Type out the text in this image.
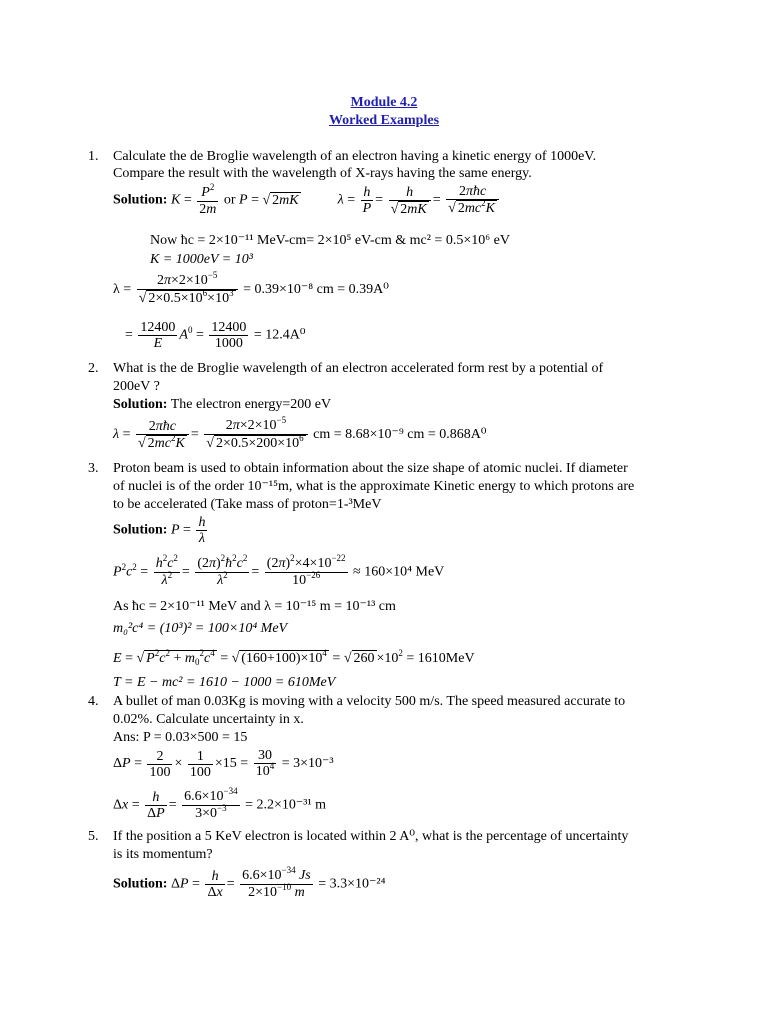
Module 4.2
Worked Examples
1. Calculate the de Broglie wavelength of an electron having a kinetic energy of 1000eV.
Compare the result with the wavelength of X-rays having the same energy.
Solution: $K = \frac{P^2}{2m}$ or P = √ 2mK	$\lambda = \frac{h}{P} = \frac{h}{√ 2mK} = \frac{\text{2πħc}}{√ 2mc^2K}$
Now ħc = 2×10⁻¹¹ MeV-cm= 2×10⁵ eV-cm & mc² = 0.5×10⁶ eV
K = 1000eV = 10³
$\lambda = \frac{2\pi\times 2\times 10^{-5}}{√ 2\times 0.5\times 10^6\times 10^3} = 0.39\times 10^{-8}$ cm = 0.39A⁰
= $\frac{12400}{E} A^0 = \frac{12400}{1000} = 12.4A^0$
2. What is the de Broglie wavelength of an electron accelerated form rest by a potential of
200eV ?
Solution: The electron energy=200 eV
$\lambda = \frac{\text{2πħc}}{√ 2mc^2K} = \frac{2\pi\times 2\times 10^{-5}}{√ 2\times 0.5\times 200\times 10^6}$ cm = 8.68×10⁻⁹ cm = 0.868A⁰
3. Proton beam is used to obtain information about the size shape of atomic nuclei. If diameter
of nuclei is of the order 10⁻¹⁵m, what is the approximate Kinetic energy to which protons are
to be accelerated (Take mass of proton=1-³MeV
Solution: $P = \frac{h}{\lambda}$
$P^2c^2 = \frac{h^2c^2}{\lambda^2} = \frac{(2\pi)^2ħ^2c^2}{\lambda^2} = \frac{(2\pi)^2\times 4\times 10^{-22}}{10^{-26}} \approx 160\times 10^4$ MeV
As ħc = 2×10⁻¹¹ MeV and λ = 10⁻¹⁵ m = 10⁻¹³ cm
m₀²c⁴ = (10³)² = 100×10⁴ MeV
E = √ $P^2c^2 + m_0^2c^4$ = √ $(160+100)\times 10^4$ = √ $260 \times 10^2 = 1610MeV$
T = E − mc² = 1610 − 1000 = 610MeV
4. A bullet of man 0.03Kg is moving with a velocity 500 m/s. The speed measured accurate to
0.02%. Calculate uncertainty in x.
Ans: P = 0.03×500 = 15
$\Delta P = \frac{2}{100} \times \frac{1}{100} \times 15 = \frac{30}{10^4} = 3\times 10^{-3}$
$\Delta x = \frac{h}{\Delta P} = \frac{6.6\times 10^{-34}}{3\times 0^{-3}} = 2.2\times 10^{-31}$ m
5. If the position a 5 KeV electron is located within 2 A⁰, what is the percentage of uncertainty
is its momentum?
Solution: $\Delta P = \frac{h}{\Delta x} = \frac{6.6\times 10^{-34} Js}{2\times 10^{-10} m} = 3.3\times 10^{-24}$
